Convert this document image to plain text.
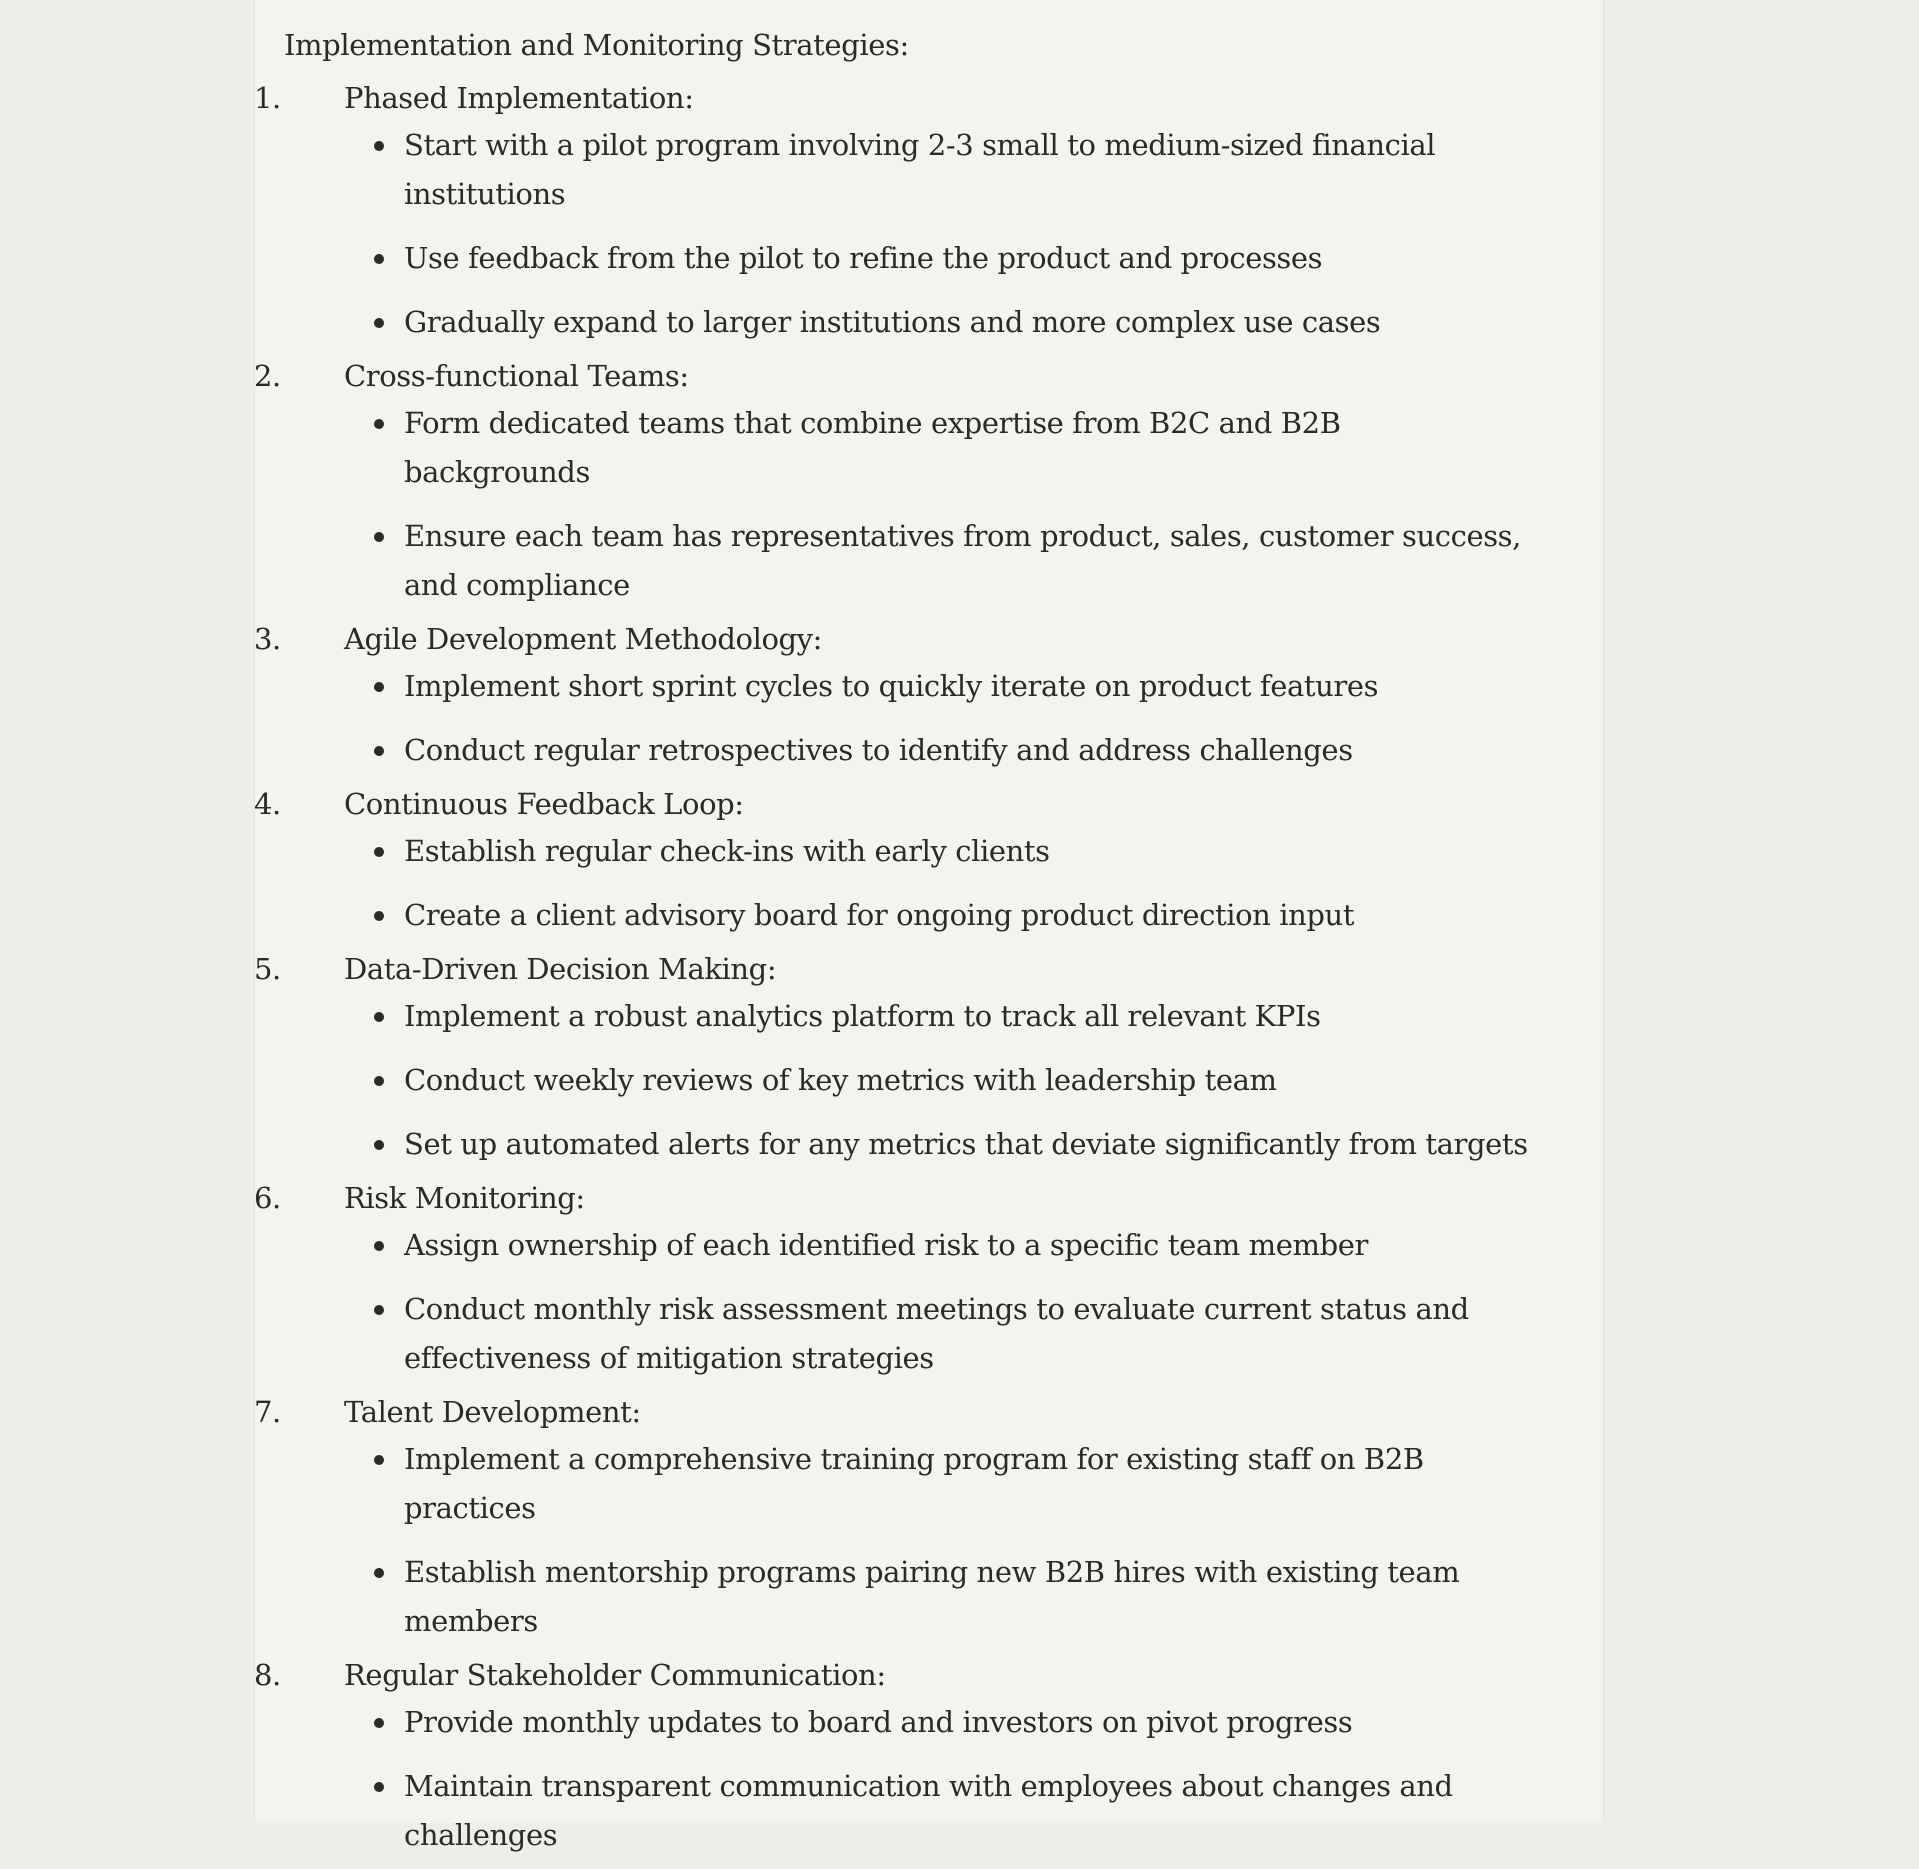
Implementation and Monitoring Strategies:

1. Phased Implementation:
Start with a pilot program involving 2-3 small to medium-sized financial institutions
Use feedback from the pilot to refine the product and processes
Gradually expand to larger institutions and more complex use cases
2. Cross-functional Teams:
Form dedicated teams that combine expertise from B2C and B2B backgrounds
Ensure each team has representatives from product, sales, customer success, and compliance
3. Agile Development Methodology:
Implement short sprint cycles to quickly iterate on product features
Conduct regular retrospectives to identify and address challenges
4. Continuous Feedback Loop:
Establish regular check-ins with early clients
Create a client advisory board for ongoing product direction input
5. Data-Driven Decision Making:
Implement a robust analytics platform to track all relevant KPIs
Conduct weekly reviews of key metrics with leadership team
Set up automated alerts for any metrics that deviate significantly from targets
6. Risk Monitoring:
Assign ownership of each identified risk to a specific team member
Conduct monthly risk assessment meetings to evaluate current status and effectiveness of mitigation strategies
7. Talent Development:
Implement a comprehensive training program for existing staff on B2B practices
Establish mentorship programs pairing new B2B hires with existing team members
8. Regular Stakeholder Communication:
Provide monthly updates to board and investors on pivot progress
Maintain transparent communication with employees about changes and challenges
